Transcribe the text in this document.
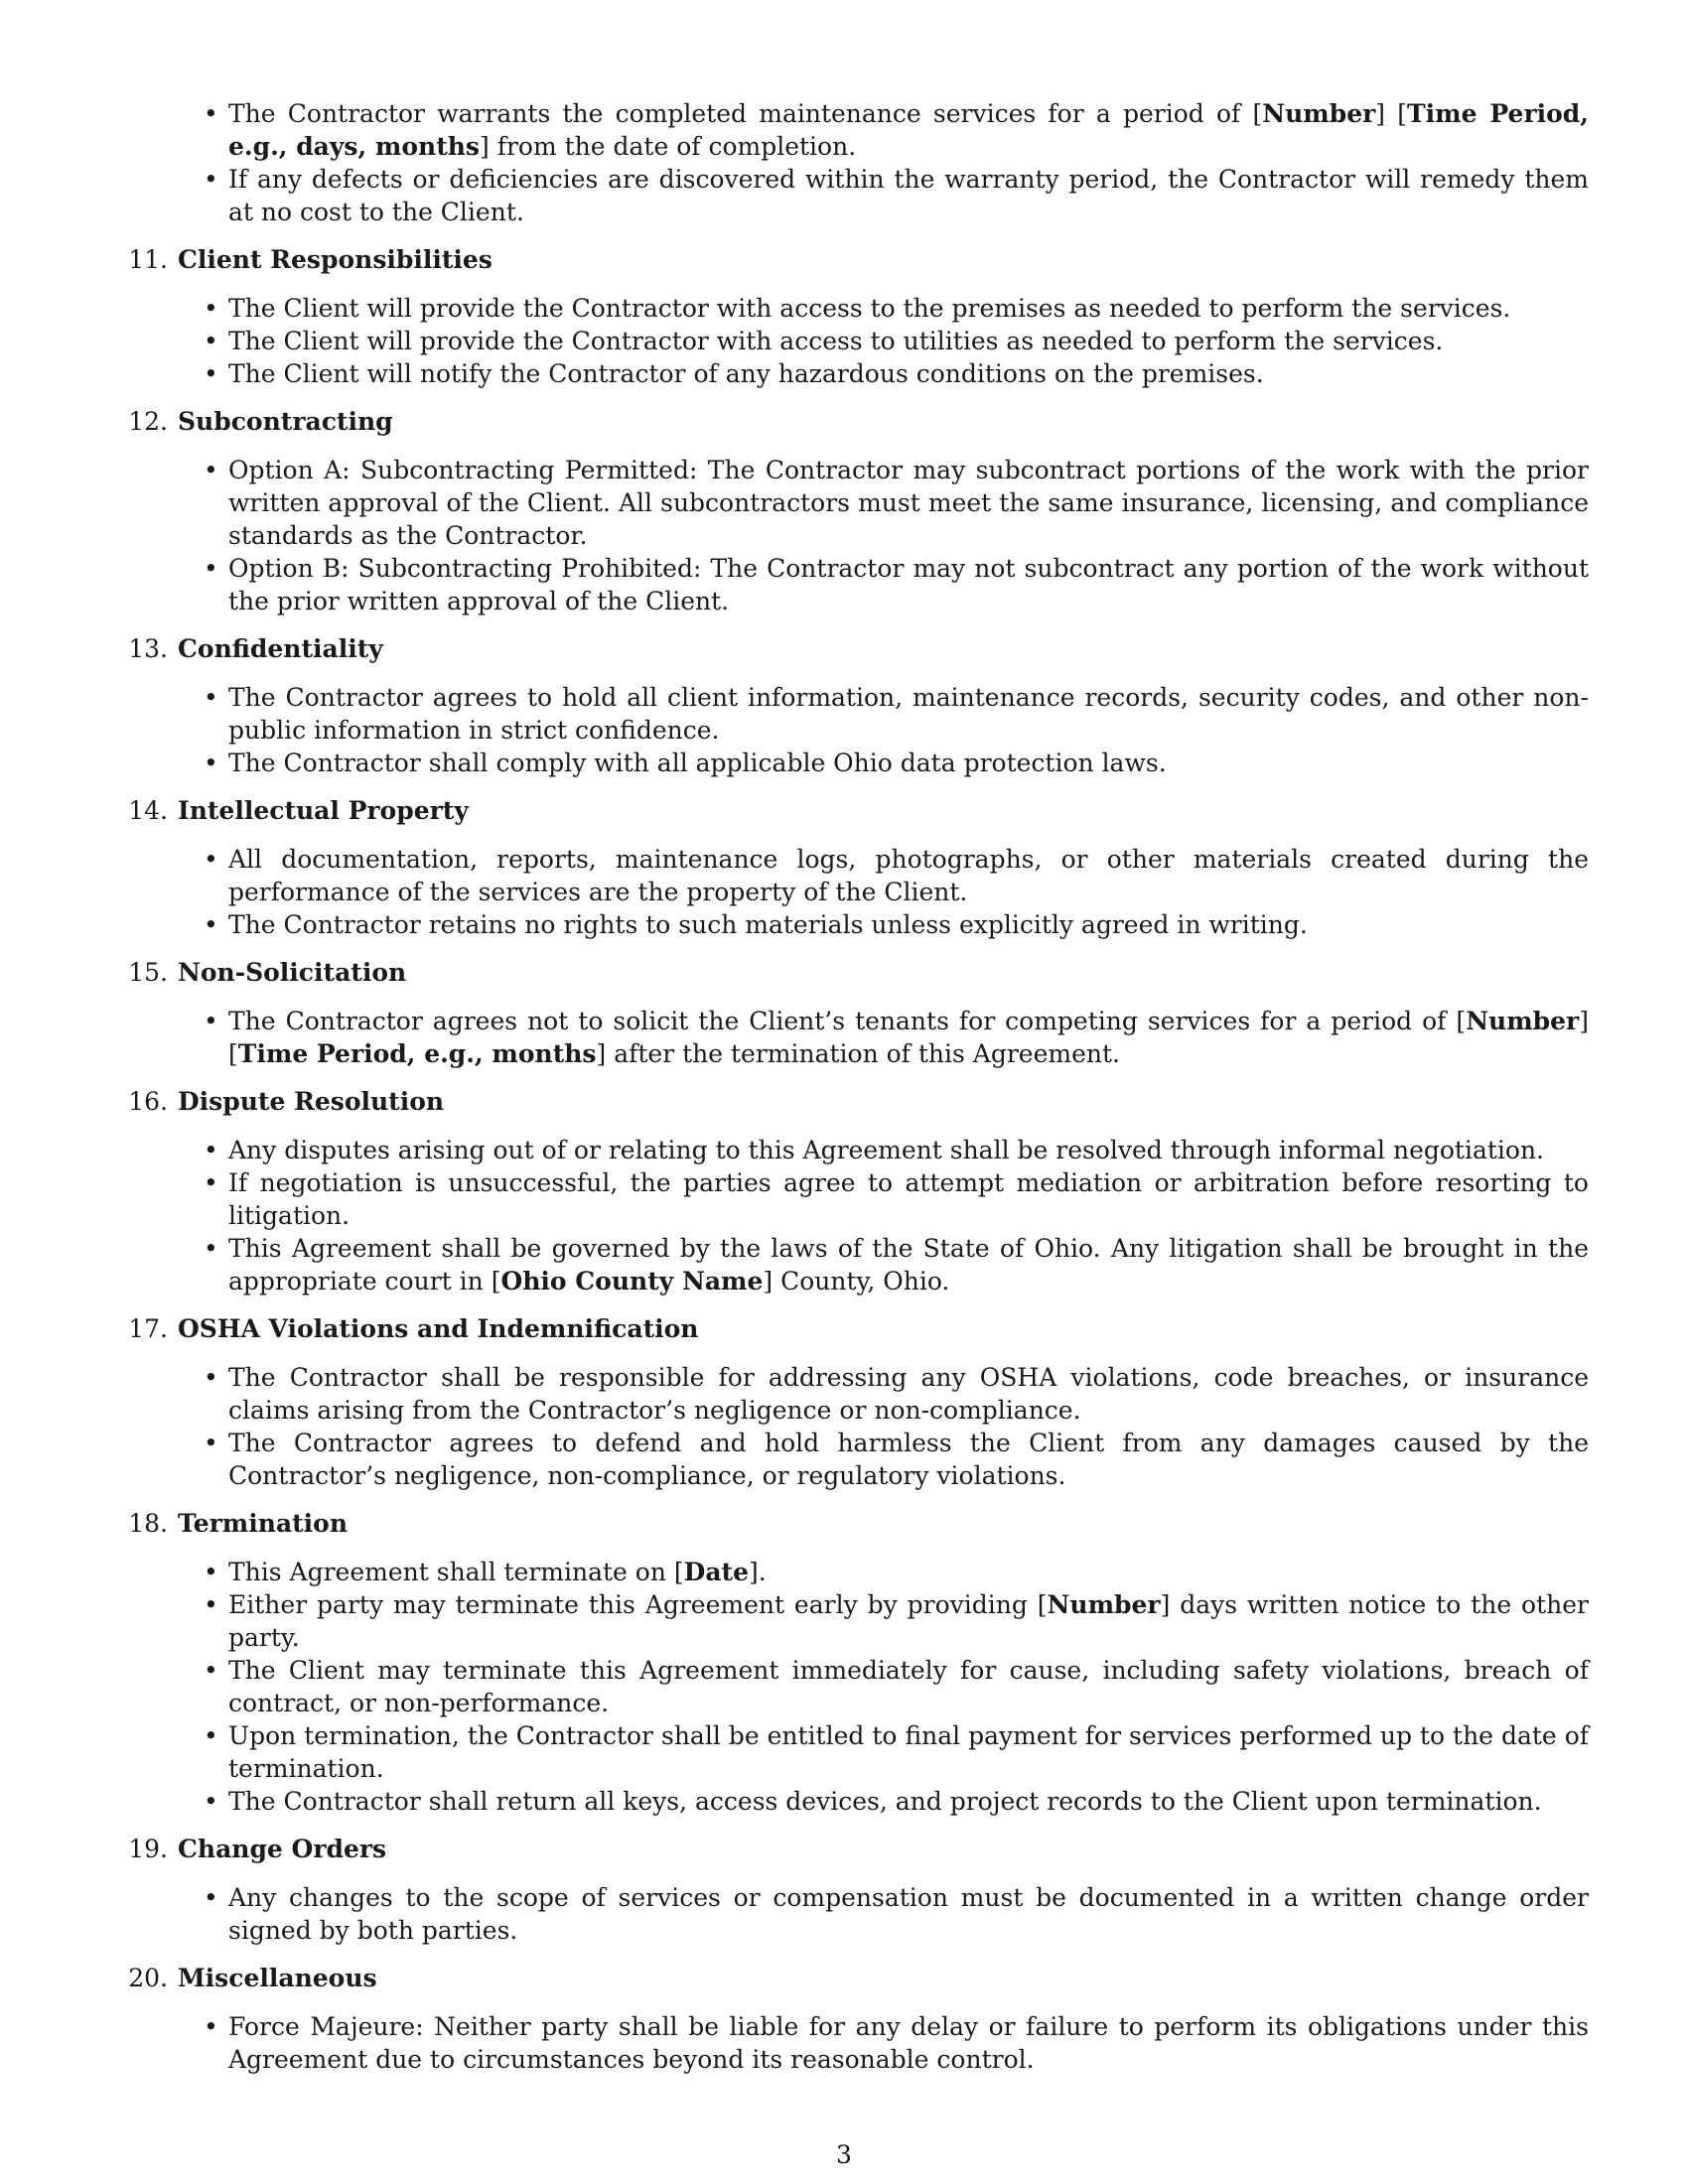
• The Contractor warrants the completed maintenance services for a period of [Number] [Time Period, e.g., days, months] from the date of completion.
• If any defects or deficiencies are discovered within the warranty period, the Contractor will remedy them at no cost to the Client.
11. Client Responsibilities
• The Client will provide the Contractor with access to the premises as needed to perform the services.
• The Client will provide the Contractor with access to utilities as needed to perform the services.
• The Client will notify the Contractor of any hazardous conditions on the premises.
12. Subcontracting
• Option A: Subcontracting Permitted: The Contractor may subcontract portions of the work with the prior written approval of the Client. All subcontractors must meet the same insurance, licensing, and compliance standards as the Contractor.
• Option B: Subcontracting Prohibited: The Contractor may not subcontract any portion of the work without the prior written approval of the Client.
13. Confidentiality
• The Contractor agrees to hold all client information, maintenance records, security codes, and other non-public information in strict confidence.
• The Contractor shall comply with all applicable Ohio data protection laws.
14. Intellectual Property
• All documentation, reports, maintenance logs, photographs, or other materials created during the performance of the services are the property of the Client.
• The Contractor retains no rights to such materials unless explicitly agreed in writing.
15. Non-Solicitation
• The Contractor agrees not to solicit the Client’s tenants for competing services for a period of [Number] [Time Period, e.g., months] after the termination of this Agreement.
16. Dispute Resolution
• Any disputes arising out of or relating to this Agreement shall be resolved through informal negotiation.
• If negotiation is unsuccessful, the parties agree to attempt mediation or arbitration before resorting to litigation.
• This Agreement shall be governed by the laws of the State of Ohio. Any litigation shall be brought in the appropriate court in [Ohio County Name] County, Ohio.
17. OSHA Violations and Indemnification
• The Contractor shall be responsible for addressing any OSHA violations, code breaches, or insurance claims arising from the Contractor’s negligence or non-compliance.
• The Contractor agrees to defend and hold harmless the Client from any damages caused by the Contractor’s negligence, non-compliance, or regulatory violations.
18. Termination
• This Agreement shall terminate on [Date].
• Either party may terminate this Agreement early by providing [Number] days written notice to the other party.
• The Client may terminate this Agreement immediately for cause, including safety violations, breach of contract, or non-performance.
• Upon termination, the Contractor shall be entitled to final payment for services performed up to the date of termination.
• The Contractor shall return all keys, access devices, and project records to the Client upon termination.
19. Change Orders
• Any changes to the scope of services or compensation must be documented in a written change order signed by both parties.
20. Miscellaneous
• Force Majeure: Neither party shall be liable for any delay or failure to perform its obligations under this Agreement due to circumstances beyond its reasonable control.
3
